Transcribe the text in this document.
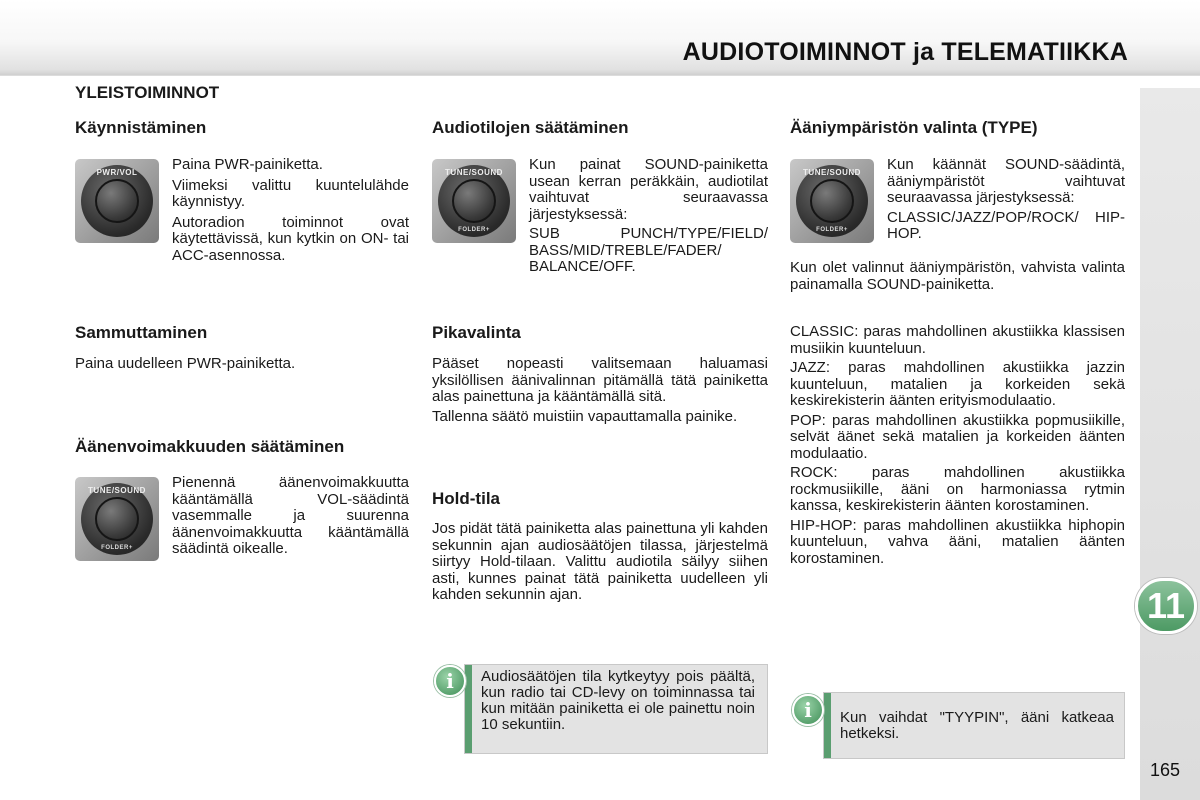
AUDIOTOIMINNOT ja TELEMATIIKKA
11
165
YLEISTOIMINNOT
Käynnistäminen
PWR/VOL	Paina PWR-painiketta.

Viimeksi valittu kuuntelulähde käynnistyy.

Autoradion toiminnot ovat käytettävissä, kun kytkin on ON- tai ACC-asennossa.

Sammuttaminen
Paina uudelleen PWR-painiketta.
Äänenvoimakkuuden säätäminen
TUNE/SOUND
FOLDER+
Pienennä äänenvoimakkuutta kääntämällä VOL-säädintä vasemmalle ja suurenna äänenvoimakkuutta kääntämällä säädintä oikealle.
Audiotilojen säätäminen
TUNE/SOUND
FOLDER+

Kun painat SOUND-painiketta usean kerran peräkkäin, audiotilat vaihtuvat seuraavassa järjestyksessä:

SUB PUNCH/TYPE/FIELD/ BASS/MID/TREBLE/FADER/ BALANCE/OFF.

Pikavalinta

Pääset nopeasti valitsemaan haluamasi yksilöllisen äänivalinnan pitämällä tätä painiketta alas painettuna ja kääntämällä sitä.

Tallenna säätö muistiin vapauttamalla painike.

Hold-tila
Jos pidät tätä painiketta alas painettuna yli kahden sekunnin ajan audiosäätöjen tilassa, järjestelmä siirtyy Hold-tilaan. Valittu audiotila säilyy siihen asti, kunnes painat tätä painiketta uudelleen yli kahden sekunnin ajan.
Audiosäätöjen tila kytkeytyy pois päältä, kun radio tai CD-levy on toiminnassa tai kun mitään painiketta ei ole painettu noin 10 sekuntiin.
i
Ääniympäristön valinta (TYPE)
TUNE/SOUND
FOLDER+

Kun käännät SOUND-säädintä, ääniympäristöt vaihtuvat seuraavassa järjestyksessä:

CLASSIC/JAZZ/POP/ROCK/ HIP-HOP.

Kun olet valinnut ääniympäristön, vahvista valinta painamalla SOUND-painiketta.

CLASSIC: paras mahdollinen akustiikka klassisen musiikin kuunteluun.

JAZZ: paras mahdollinen akustiikka jazzin kuunteluun, matalien ja korkeiden sekä keskirekisterin äänten erityismodulaatio.

POP: paras mahdollinen akustiikka popmusiikille, selvät äänet sekä matalien ja korkeiden äänten modulaatio.

ROCK: paras mahdollinen akustiikka rockmusiikille, ääni on harmoniassa rytmin kanssa, keskirekisterin äänten korostaminen.

HIP-HOP: paras mahdollinen akustiikka hiphopin kuunteluun, vahva ääni, matalien äänten korostaminen.

Kun vaihdat "TYYPIN", ääni katkeaa hetkeksi.
i
